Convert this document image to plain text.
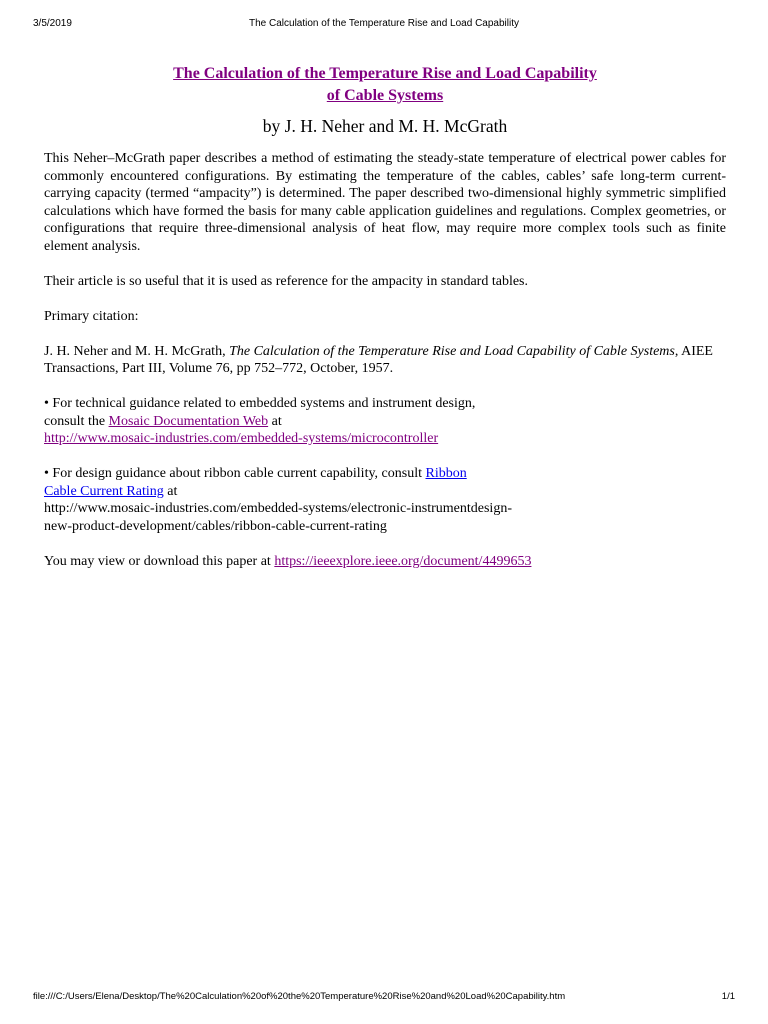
3/5/2019	The Calculation of the Temperature Rise and Load Capability
The Calculation of the Temperature Rise and Load Capability
of Cable Systems

by J. H. Neher and M. H. McGrath

This Neher–McGrath paper describes a method of estimating the steady-state temperature of electrical power cables for commonly encountered configurations. By estimating the temperature of the cables, cables’ safe long-term current-carrying capacity (termed “ampacity”) is determined. The paper described two-dimensional highly symmetric simplified calculations which have formed the basis for many cable application guidelines and regulations. Complex geometries, or configurations that require three-dimensional analysis of heat flow, may require more complex tools such as finite element analysis.

Their article is so useful that it is used as reference for the ampacity in standard tables.

Primary citation:

J. H. Neher and M. H. McGrath, The Calculation of the Temperature Rise and Load Capability of Cable Systems, AIEE Transactions, Part III, Volume 76, pp 752–772, October, 1957.

• For technical guidance related to embedded systems and instrument design,
consult the Mosaic Documentation Web at
http://www.mosaic-industries.com/embedded-systems/microcontroller

• For design guidance about ribbon cable current capability, consult Ribbon
Cable Current Rating at
http://www.mosaic-industries.com/embedded-systems/electronic-instrumentdesign-
new-product-development/cables/ribbon-cable-current-rating

You may view or download this paper at https://ieeexplore.ieee.org/document/4499653

file:///C:/Users/Elena/Desktop/The%20Calculation%20of%20the%20Temperature%20Rise%20and%20Load%20Capability.htm	1/1
